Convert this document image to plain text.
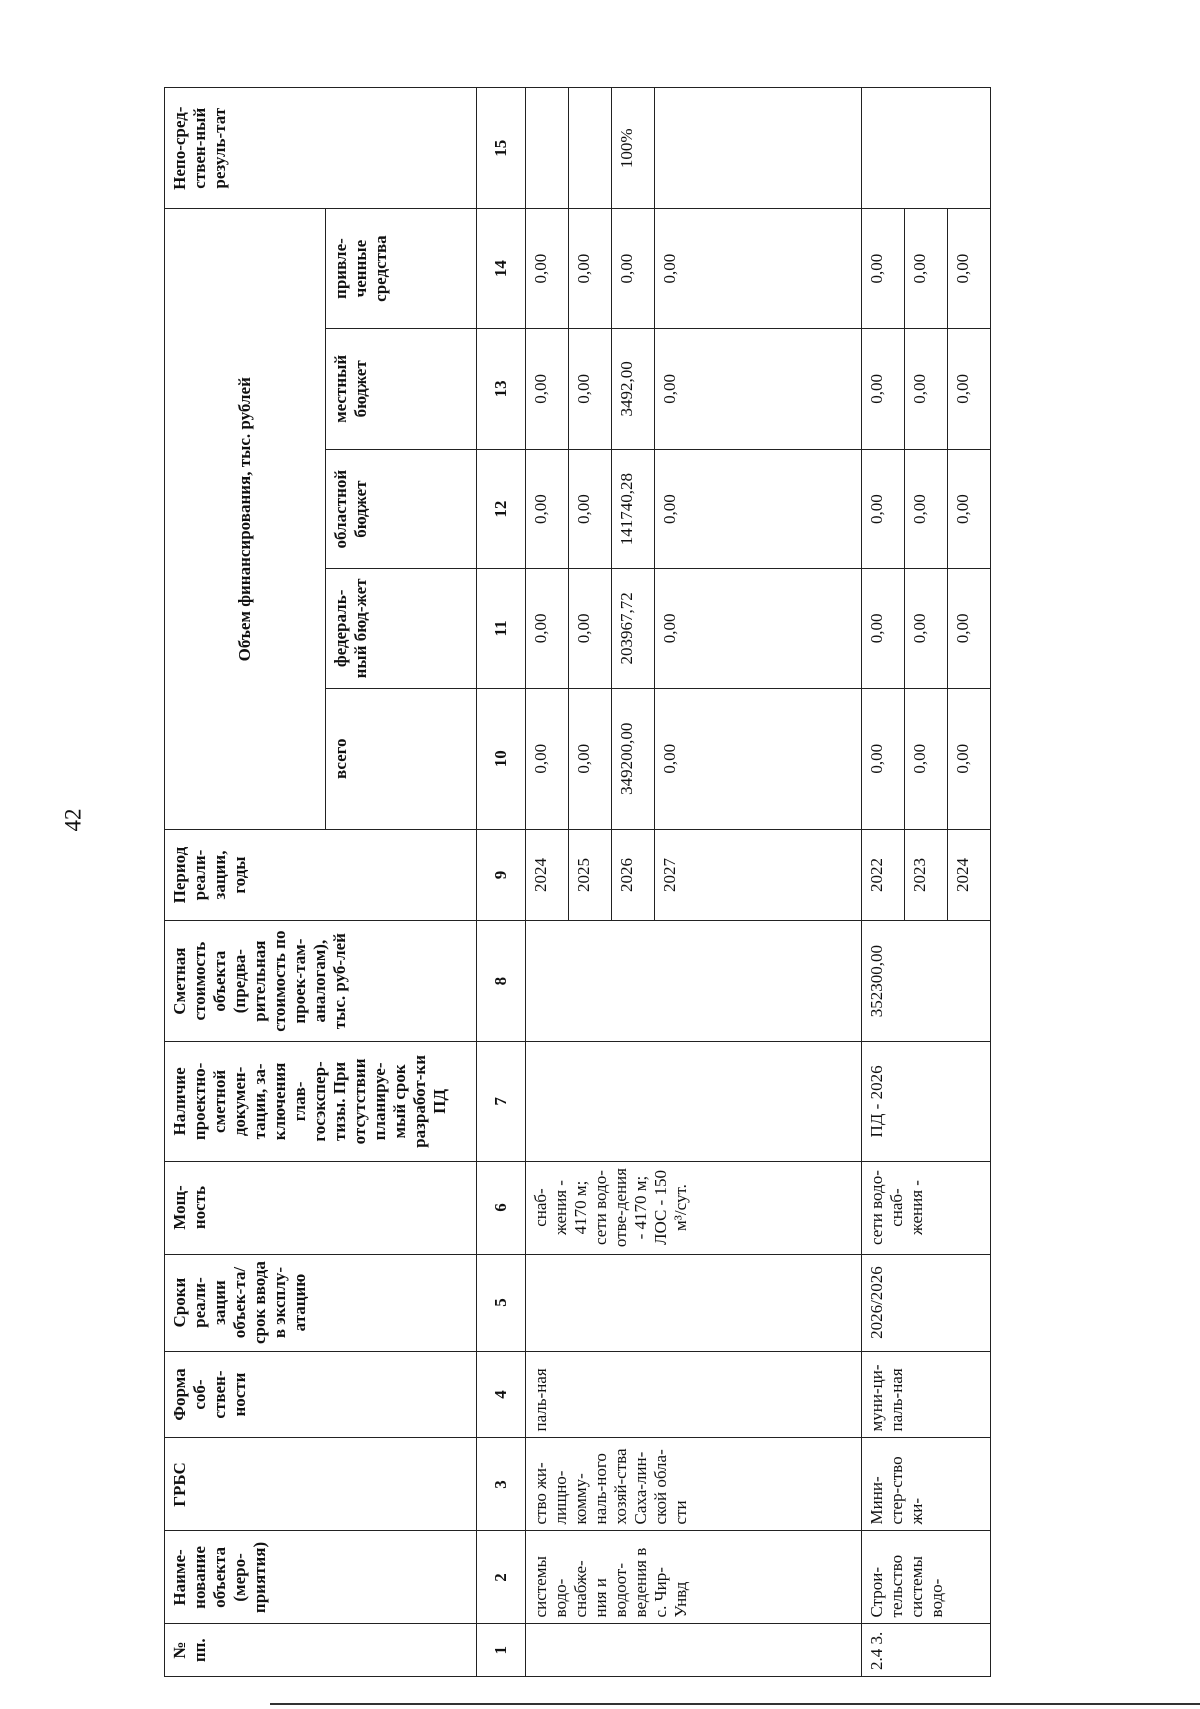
42
№ пп.	Наиме-нование объекта (меро-приятия)	ГРБС	Форма соб-ствен-ности	Сроки реали-зации объек-та/срок ввода в эксплу-атацию	Мощ-ность	Наличие проектно-сметной докумен-тации, за-ключения глав-госэкспер-тизы. При отсутствии планируе-мый срок разработ-ки ПД	Сметная стоимость объекта (предва-рительная стоимость по проек-там-аналогам), тыс. руб-лей	Период реали-зации, годы	Объем финансирования, тыс. рублей					Непо-сред-ствен-ный резуль-тат
									всего	федераль-ный бюд-жет	областной бюджет	местный бюджет	привле-ченные средства	
1	2	3	4	5	6	7	8	9	10	11	12	13	14	15
	системы водо-снабже-ния и водоот-ведения в с. Чир-Унвд	ство жи-лищно-комму-наль-ного хозяй-ства Саха-лин-ской обла-сти	паль-ная		снаб-жения - 4170 м; сети водо-отве-дения - 4170 м; ЛОС - 150 м³/сут.			2024	0,00	0,00	0,00	0,00	0,00	
								2025	0,00	0,00	0,00	0,00	0,00	
								2026	349200,00	203967,72	141740,28	3492,00	0,00	100%
								2027	0,00	0,00	0,00	0,00	0,00	
2.4 3.	Строи-тельство системы водо-	Мини-стер-ство жи-	муни-ци-паль-ная	2026/2026	сети водо-снаб-жения -	ПД - 2026	352300,00	2022	0,00	0,00	0,00	0,00	0,00	
								2023	0,00	0,00	0,00	0,00	0,00	
								2024	0,00	0,00	0,00	0,00	0,00	
